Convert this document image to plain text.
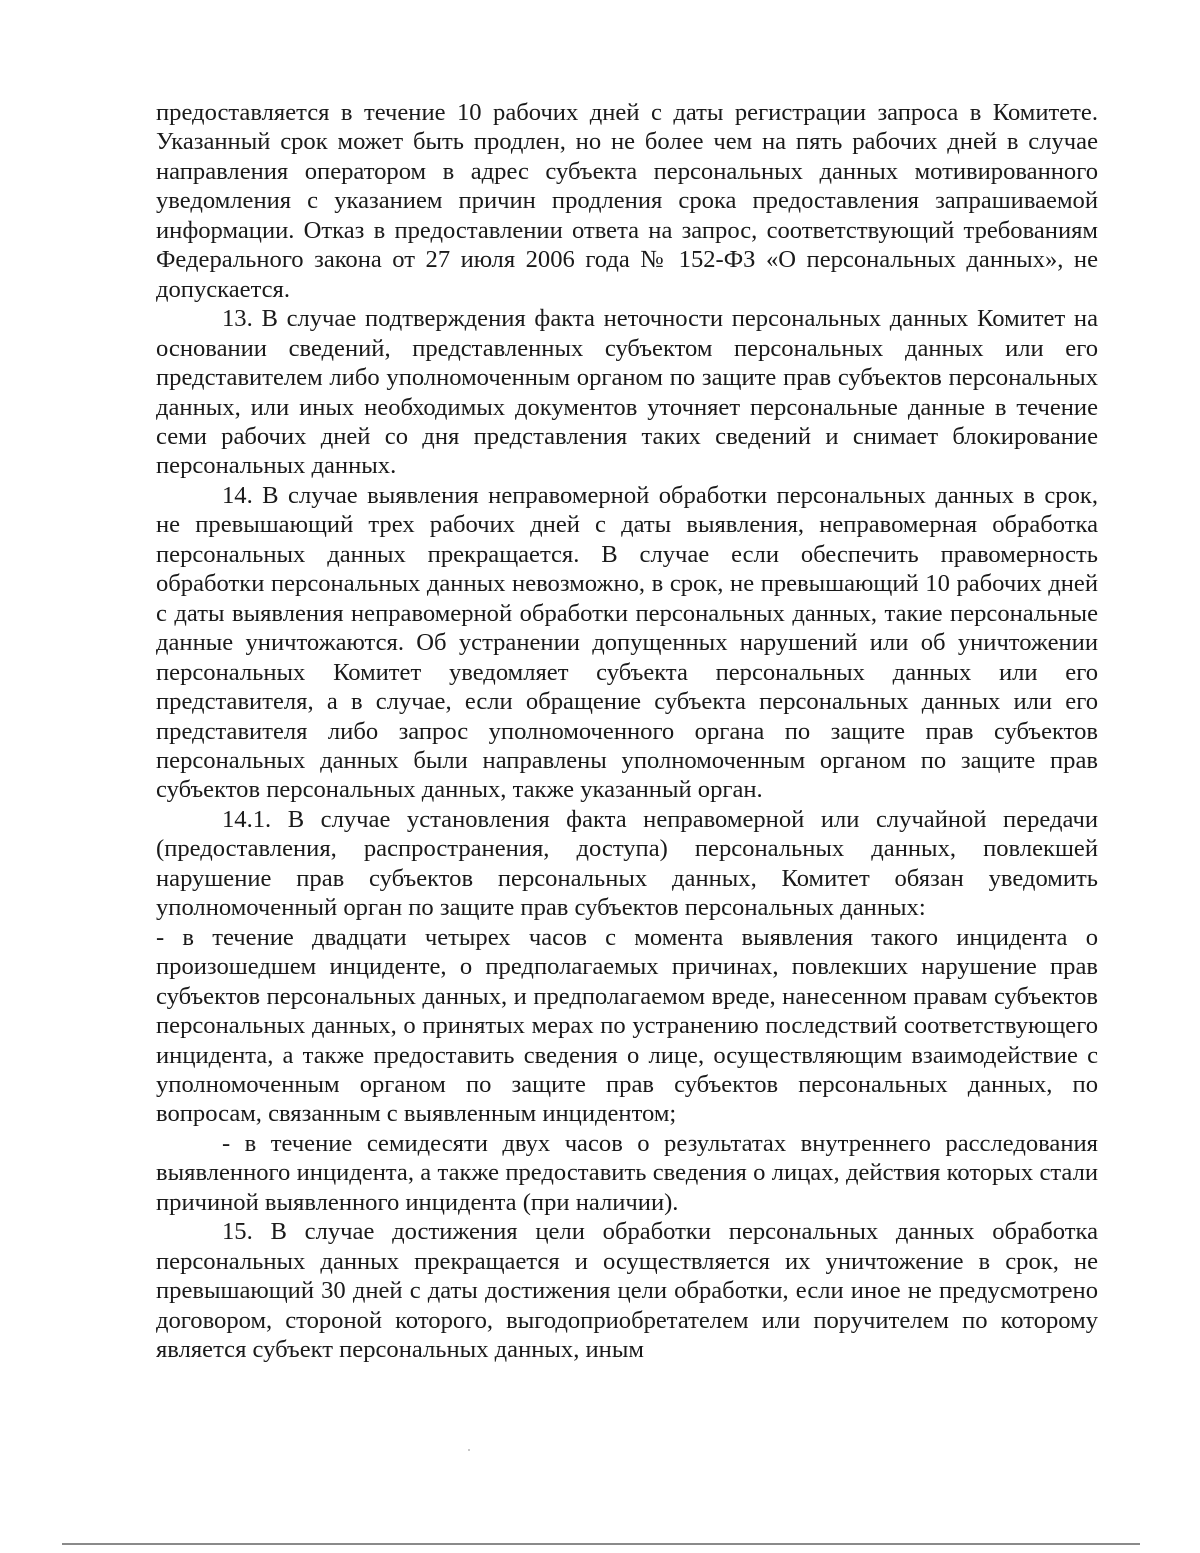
предоставляется в течение 10 рабочих дней с даты регистрации запроса в Комитете. Указанный срок может быть продлен, но не более чем на пять рабочих дней в случае направления оператором в адрес субъекта персональных данных мотивированного уведомления с указанием причин продления срока предоставления запрашиваемой информации. Отказ в предоставлении ответа на запрос, соответствующий требованиям Федерального закона от 27 июля 2006 года № 152-ФЗ «О персональных данных», не допускается.

13. В случае подтверждения факта неточности персональных данных Комитет на основании сведений, представленных субъектом персональных данных или его представителем либо уполномоченным органом по защите прав субъектов персональных данных, или иных необходимых документов уточняет персональные данные в течение семи рабочих дней со дня представления таких сведений и снимает блокирование персональных данных.

14. В случае выявления неправомерной обработки персональных данных в срок, не превышающий трех рабочих дней с даты выявления, неправомерная обработка персональных данных прекращается. В случае если обеспечить правомерность обработки персональных данных невозможно, в срок, не превышающий 10 рабочих дней с даты выявления неправомерной обработки персональных данных, такие персональные данные уничтожаются. Об устранении допущенных нарушений или об уничтожении персональных Комитет уведомляет субъекта персональных данных или его представителя, а в случае, если обращение субъекта персональных данных или его представителя либо запрос уполномоченного органа по защите прав субъектов персональных данных были направлены уполномоченным органом по защите прав субъектов персональных данных, также указанный орган.

14.1. В случае установления факта неправомерной или случайной передачи (предоставления, распространения, доступа) персональных данных, повлекшей нарушение прав субъектов персональных данных, Комитет обязан уведомить уполномоченный орган по защите прав субъектов персональных данных:

- в течение двадцати четырех часов с момента выявления такого инцидента о произошедшем инциденте, о предполагаемых причинах, повлекших нарушение прав субъектов персональных данных, и предполагаемом вреде, нанесенном правам субъектов персональных данных, о принятых мерах по устранению последствий соответствующего инцидента, а также предоставить сведения о лице, осуществляющим взаимодействие с уполномоченным органом по защите прав субъектов персональных данных, по вопросам, связанным с выявленным инцидентом;

- в течение семидесяти двух часов о результатах внутреннего расследования выявленного инцидента, а также предоставить сведения о лицах, действия которых стали причиной выявленного инцидента (при наличии).

15. В случае достижения цели обработки персональных данных обработка персональных данных прекращается и осуществляется их уничтожение в срок, не превышающий 30 дней с даты достижения цели обработки, если иное не предусмотрено договором, стороной которого, выгодоприобретателем или поручителем по которому является субъект персональных данных, иным
